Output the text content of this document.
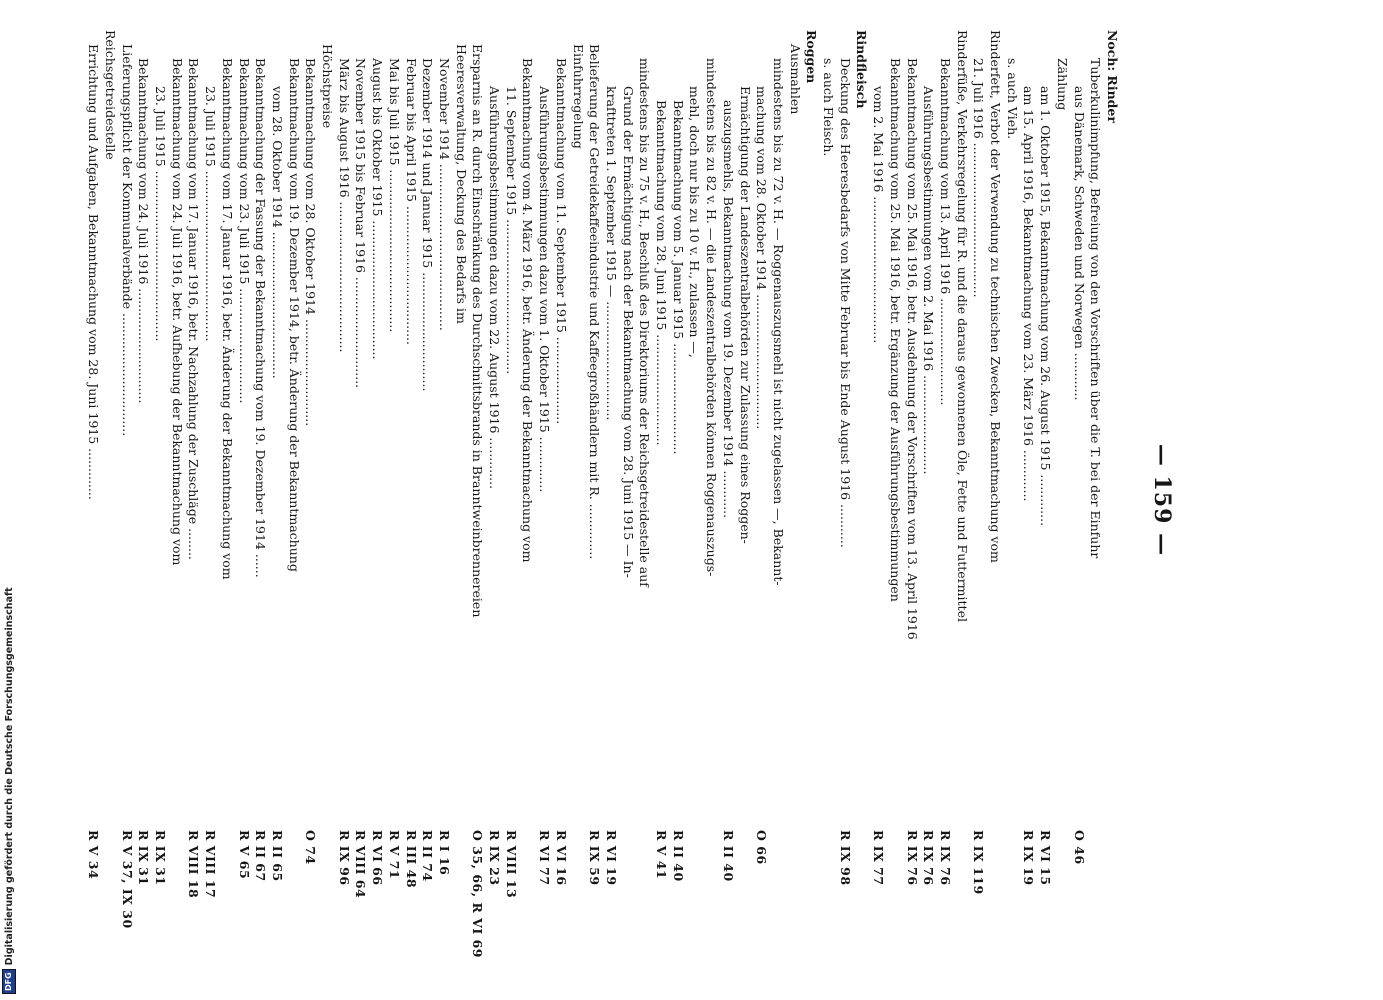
— 159 —
Noch: Rinder
Tuberkulinimpfung, Befreiung von den Vorschriften über die T. bei der Einfuhr
aus Dänemark, Schweden und Norwegen ............
O 46
Zählung
am 1. Oktober 1915, Bekanntmachung vom 26. August 1915 .............
R VI 15
am 15. April 1916, Bekanntmachung vom 23. März 1916 .............
R IX 19
s. auch Vieh.
Rinderfett, Verbot der Verwendung zu technischen Zwecken, Bekanntmachung vom
21. Juli 1916 .......................................
R IX 119
Rinderfüße, Verkehrsregelung für R. und die daraus gewonnenen Öle, Fette und Futtermittel
Bekanntmachung vom 13. April 1916 ...........................
R IX 76
Ausführungsbestimmungen vom 2. Mai 1916 .........................
R IX 76
Bekanntmachung vom 25. Mai 1916, betr. Ausdehnung der Vorschriften vom 13. April 1916
R IX 76
Bekanntmachung vom 25. Mai 1916, betr. Ergänzung der Ausführungsbestimmungen
vom 2. Mai 1916 .....................................
R IX 77
Rindfleisch
Deckung des Heeresbedarfs von Mitte Februar bis Ende August 1916 ...........
R IX 98
s. auch Fleisch.
Roggen
Ausmahlen
mindestens bis zu 72 v. H. — Roggenauszugsmehl ist nicht zugelassen —, Bekannt-
machung vom 28. Oktober 1914 ..................................
O 66
Ermächtigung der Landeszentralbehörden zur Zulassung eines Roggen-
auszugsmehls, Bekanntmachung vom 19. Dezember 1914 ............
R II 40
mindestens bis zu 82 v. H. — die Landeszentralbehörden können Roggenauszugs-
mehl, doch nur bis zu 10 v. H., zulassen —,
Bekanntmachung vom 5. Januar 1915 ............................
R II 40
Bekanntmachung vom 28. Juni 1915 ............................
R V 41
mindestens bis zu 75 v. H., Beschluß des Direktoriums der Reichsgetreidestelle auf
Grund der Ermächtigung nach der Bekanntmachung vom 28. Juni 1915 — In-
krafttreten 1. September 1915 — ..............................
R VI 19
Belieferung der Getreidekaffeeindustrie und Kaffeegroßhändlern mit R. ..............
R IX 59
Einfuhrregelung
Bekanntmachung vom 11. September 1915 ......................
R VI 16
Ausführungsbestimmungen dazu vom 1. Oktober 1915 ..............
R VI 77
Bekanntmachung vom 4. März 1916, betr. Änderung der Bekanntmachung vom
11. September 1915 .......................................
R VIII 13
Ausführungsbestimmungen dazu vom 22. August 1916 .............
R IX 23
Ersparnis an R. durch Einschränkung des Durchschnittsbrands in Branntweinbrennereien
O 35, 66, R VI 69
Heeresverwaltung, Deckung des Bedarfs im
November 1914 ..........................................
R I 16
Dezember 1914 und Januar 1915 ..............................
R II 74
Februar bis April 1915 ...................................
R III 48
Mai bis Juli 1915 .........................................
R V 71
August bis Oktober 1915 ...................................
R VI 66
November 1915 bis Februar 1916 ............................
R VIII 64
März bis August 1916 ......................................
R IX 96
Höchstpreise
Bekanntmachung vom 28. Oktober 1914 ...........................
O 74
Bekanntmachung vom 19. Dezember 1914, betr. Änderung der Bekanntmachung
vom 28. Oktober 1914 .....................................
R II 65
Bekanntmachung der Fassung der Bekanntmachung vom 19. Dezember 1914 ......
R II 67
Bekanntmachung vom 23. Juli 1915 .............................
R V 65
Bekanntmachung vom 17. Januar 1916, betr. Änderung der Bekanntmachung vom
23. Juli 1915 ...........................................
R VIII 17
Bekanntmachung vom 17. Januar 1916, betr. Nachzahlung der Zuschläge ........
R VIII 18
Bekanntmachung vom 24. Juli 1916, betr. Aufhebung der Bekanntmachung vom
23. Juli 1915 ...........................................
R IX 31
Bekanntmachung vom 24. Juli 1916 .............................
R IX 31
Lieferungspflicht der Kommunalverbände ...............................
R V 37, IX 30
Reichsgetreidestelle
Errichtung und Aufgaben, Bekanntmachung vom 28. Juni 1915 .............
R V 34
DFG
Digitalisierung gefördert durch die Deutsche Forschungsgemeinschaft
